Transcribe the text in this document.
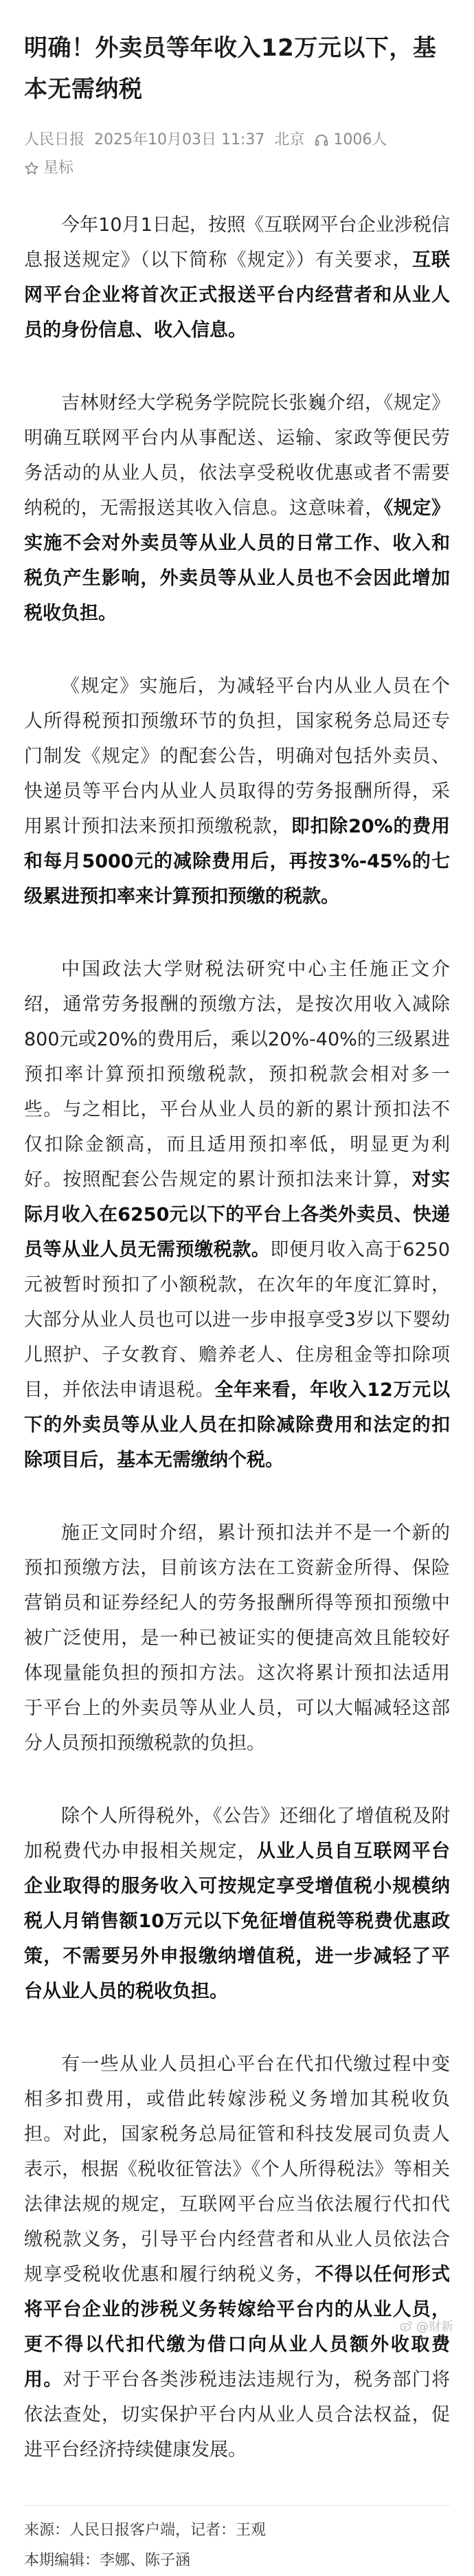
明确！外卖员等年收入12万元以下，基本无需纳税
人民日报 2025年10月03日 11:37 北京 1006人
星标

今年10月1日起，按照《互联网平台企业涉税信息报送规定》（以下简称《规定》）有关要求，互联网平台企业将首次正式报送平台内经营者和从业人员的身份信息、收入信息。

吉林财经大学税务学院院长张巍介绍，《规定》明确互联网平台内从事配送、运输、家政等便民劳务活动的从业人员，依法享受税收优惠或者不需要纳税的，无需报送其收入信息。这意味着，《规定》实施不会对外卖员等从业人员的日常工作、收入和税负产生影响，外卖员等从业人员也不会因此增加税收负担。

《规定》实施后，为减轻平台内从业人员在个人所得税预扣预缴环节的负担，国家税务总局还专门制发《规定》的配套公告，明确对包括外卖员、快递员等平台内从业人员取得的劳务报酬所得，采用累计预扣法来预扣预缴税款，即扣除20%的费用和每月5000元的减除费用后，再按3%-45%的七级累进预扣率来计算预扣预缴的税款。

中国政法大学财税法研究中心主任施正文介绍，通常劳务报酬的预缴方法，是按次用收入减除800元或20%的费用后，乘以20%-40%的三级累进预扣率计算预扣预缴税款，预扣税款会相对多一些。与之相比，平台从业人员的新的累计预扣法不仅扣除金额高，而且适用预扣率低，明显更为利好。按照配套公告规定的累计预扣法来计算，对实际月收入在6250元以下的平台上各类外卖员、快递员等从业人员无需预缴税款。即便月收入高于6250元被暂时预扣了小额税款，在次年的年度汇算时，大部分从业人员也可以进一步申报享受3岁以下婴幼儿照护、子女教育、赡养老人、住房租金等扣除项目，并依法申请退税。全年来看，年收入12万元以下的外卖员等从业人员在扣除减除费用和法定的扣除项目后，基本无需缴纳个税。

施正文同时介绍，累计预扣法并不是一个新的预扣预缴方法，目前该方法在工资薪金所得、保险营销员和证券经纪人的劳务报酬所得等预扣预缴中被广泛使用，是一种已被证实的便捷高效且能较好体现量能负担的预扣方法。这次将累计预扣法适用于平台上的外卖员等从业人员，可以大幅减轻这部分人员预扣预缴税款的负担。

除个人所得税外，《公告》还细化了增值税及附加税费代办申报相关规定，从业人员自互联网平台企业取得的服务收入可按规定享受增值税小规模纳税人月销售额10万元以下免征增值税等税费优惠政策，不需要另外申报缴纳增值税，进一步减轻了平台从业人员的税收负担。

有一些从业人员担心平台在代扣代缴过程中变相多扣费用，或借此转嫁涉税义务增加其税收负担。对此，国家税务总局征管和科技发展司负责人表示，根据《税收征管法》《个人所得税法》等相关法律法规的规定，互联网平台应当依法履行代扣代缴税款义务，引导平台内经营者和从业人员依法合规享受税收优惠和履行纳税义务，不得以任何形式将平台企业的涉税义务转嫁给平台内的从业人员，更不得以代扣代缴为借口向从业人员额外收取费用。对于平台各类涉税违法违规行为，税务部门将依法查处，切实保护平台内从业人员合法权益，促进平台经济持续健康发展。

来源：人民日报客户端，记者：王观
本期编辑：李娜、陈子涵
@财新
